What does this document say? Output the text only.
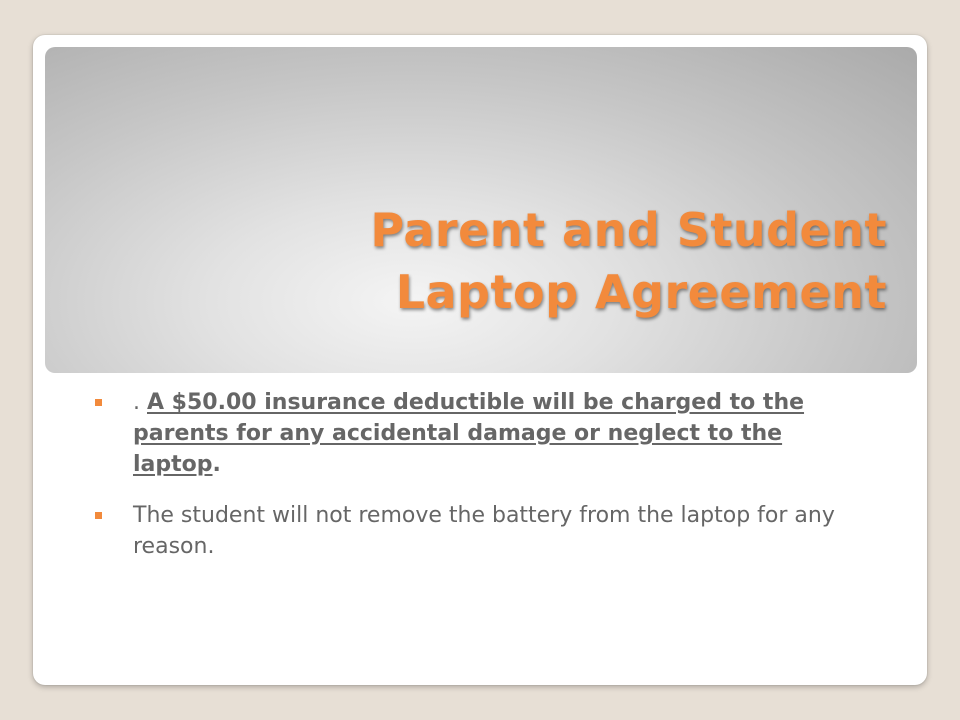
Parent and Student
Laptop Agreement
. A $50.00 insurance deductible will be charged to the parents for any accidental damage or neglect to the laptop.
The student will not remove the battery from the laptop for any reason.
